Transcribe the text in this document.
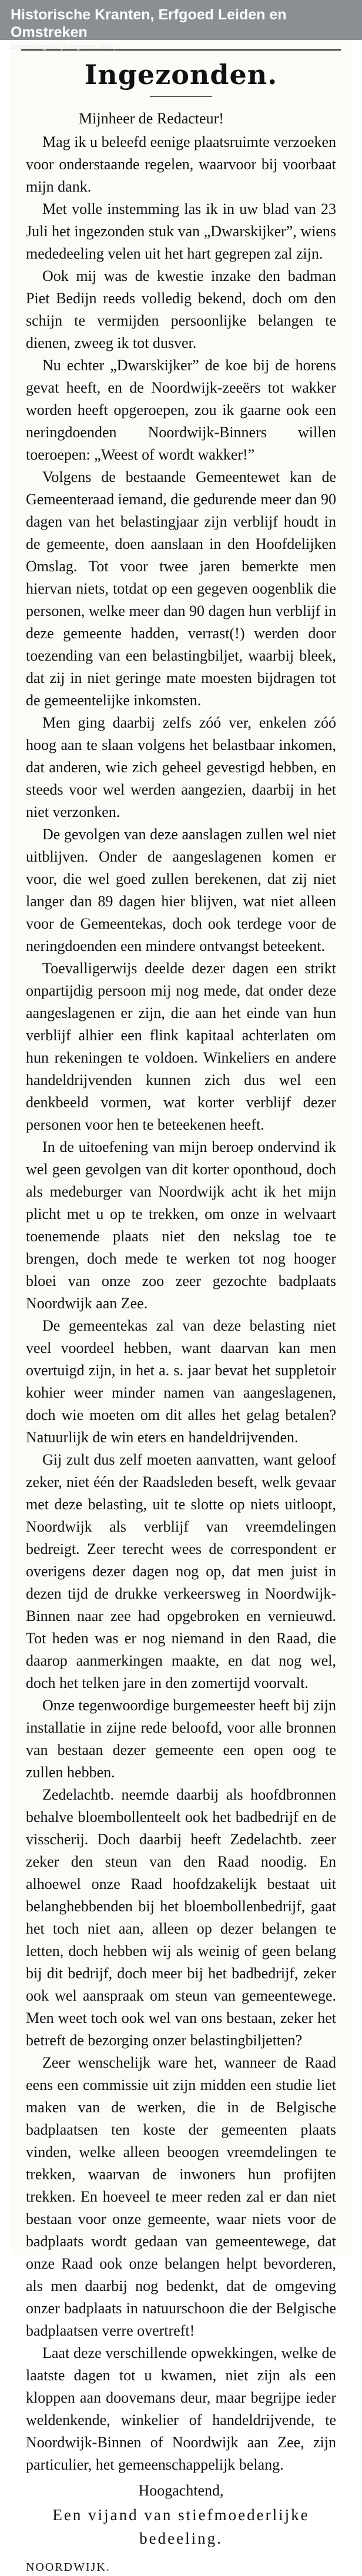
Historische Kranten, Erfgoed Leiden en Omstreken
Leidsch Dagblad | 6 augustus 1908 |
Ingezonden.

Mijnheer de Redacteur!

Mag ik u beleefd eenige plaatsruimte verzoeken voor onderstaande regelen, waarvoor bij voorbaat mijn dank.

Met volle instemming las ik in uw blad van 23 Juli het ingezonden stuk van „Dwarskijker”, wiens mededeeling velen uit het hart gegrepen zal zijn.

Ook mij was de kwestie inzake den badman Piet Bedijn reeds volledig bekend, doch om den schijn te vermijden persoonlijke belangen te dienen, zweeg ik tot dusver.

Nu echter „Dwarskijker” de koe bij de horens gevat heeft, en de Noordwijk-zeeërs tot wakker worden heeft opgeroepen, zou ik gaarne ook een neringdoenden Noordwijk-Binners willen toeroepen: „Weest of wordt wakker!”

Volgens de bestaande Gemeentewet kan de Gemeenteraad iemand, die gedurende meer dan 90 dagen van het belastingjaar zijn verblijf houdt in de gemeente, doen aanslaan in den Hoofdelijken Omslag. Tot voor twee jaren bemerkte men hiervan niets, totdat op een gegeven oogenblik die personen, welke meer dan 90 dagen hun verblijf in deze gemeente hadden, verrast(!) werden door toezending van een belastingbiljet, waarbij bleek, dat zij in niet geringe mate moesten bijdragen tot de gemeentelijke inkomsten.

Men ging daarbij zelfs zóó ver, enkelen zóó hoog aan te slaan volgens het belastbaar inkomen, dat anderen, wie zich geheel gevestigd hebben, en steeds voor wel werden aangezien, daarbij in het niet verzonken.

De gevolgen van deze aanslagen zullen wel niet uitblijven. Onder de aangeslagenen komen er voor, die wel goed zullen berekenen, dat zij niet langer dan 89 dagen hier blijven, wat niet alleen voor de Gemeentekas, doch ook terdege voor de neringdoenden een mindere ontvangst beteekent.

Toevalligerwijs deelde dezer dagen een strikt onpartijdig persoon mij nog mede, dat onder deze aangeslagenen er zijn, die aan het einde van hun verblijf alhier een flink kapitaal achterlaten om hun rekeningen te voldoen. Winkeliers en andere handeldrijvenden kunnen zich dus wel een denkbeeld vormen, wat korter verblijf dezer personen voor hen te beteekenen heeft.

In de uitoefening van mijn beroep ondervind ik wel geen gevolgen van dit korter oponthoud, doch als medeburger van Noordwijk acht ik het mijn plicht met u op te trekken, om onze in welvaart toenemende plaats niet den nekslag toe te brengen, doch mede te werken tot nog hooger bloei van onze zoo zeer gezochte badplaats Noordwijk aan Zee.

De gemeentekas zal van deze belasting niet veel voordeel hebben, want daarvan kan men overtuigd zijn, in het a. s. jaar bevat het suppletoir kohier weer minder namen van aangeslagenen, doch wie moeten om dit alles het gelag betalen? Natuurlijk de win eters en handeldrijvenden.

Gij zult dus zelf moeten aanvatten, want geloof zeker, niet één der Raadsleden beseft, welk gevaar met deze belasting, uit te slotte op niets uitloopt, Noordwijk als verblijf van vreemdelingen bedreigt. Zeer terecht wees de correspondent er overigens dezer dagen nog op, dat men juist in dezen tijd de drukke verkeersweg in Noordwijk-Binnen naar zee had opgebroken en vernieuwd. Tot heden was er nog niemand in den Raad, die daarop aanmerkingen maakte, en dat nog wel, doch het telken jare in den zomertijd voorvalt.

Onze tegenwoordige burgemeester heeft bij zijn installatie in zijne rede beloofd, voor alle bronnen van bestaan dezer gemeente een open oog te zullen hebben.

Zedelachtb. neemde daarbij als hoofdbronnen behalve bloembollenteelt ook het badbedrijf en de visscherij. Doch daarbij heeft Zedelachtb. zeer zeker den steun van den Raad noodig. En alhoewel onze Raad hoofdzakelijk bestaat uit belanghebbenden bij het bloembollenbedrijf, gaat het toch niet aan, alleen op dezer belangen te letten, doch hebben wij als weinig of geen belang bij dit bedrijf, doch meer bij het badbedrijf, zeker ook wel aanspraak om steun van gemeentewege. Men weet toch ook wel van ons bestaan, zeker het betreft de bezorging onzer belastingbiljetten?

Zeer wenschelijk ware het, wanneer de Raad eens een commissie uit zijn midden een studie liet maken van de werken, die in de Belgische badplaatsen ten koste der gemeenten plaats vinden, welke alleen beoogen vreemdelingen te trekken, waarvan de inwoners hun profijten trekken. En hoeveel te meer reden zal er dan niet bestaan voor onze gemeente, waar niets voor de badplaats wordt gedaan van gemeentewege, dat onze Raad ook onze belangen helpt bevorderen, als men daarbij nog bedenkt, dat de omgeving onzer badplaats in natuurschoon die der Belgische badplaatsen verre overtreft!

Laat deze verschillende opwekkingen, welke de laatste dagen tot u kwamen, niet zijn als een kloppen aan doovemans deur, maar begrijpe ieder weldenkende, winkelier of handeldrijvende, te Noordwijk-Binnen of Noordwijk aan Zee, zijn particulier, het gemeenschappelijk belang.

Hoogachtend,

Een vijand van stiefmoederlijke bedeeling.

NOORDWIJK.
